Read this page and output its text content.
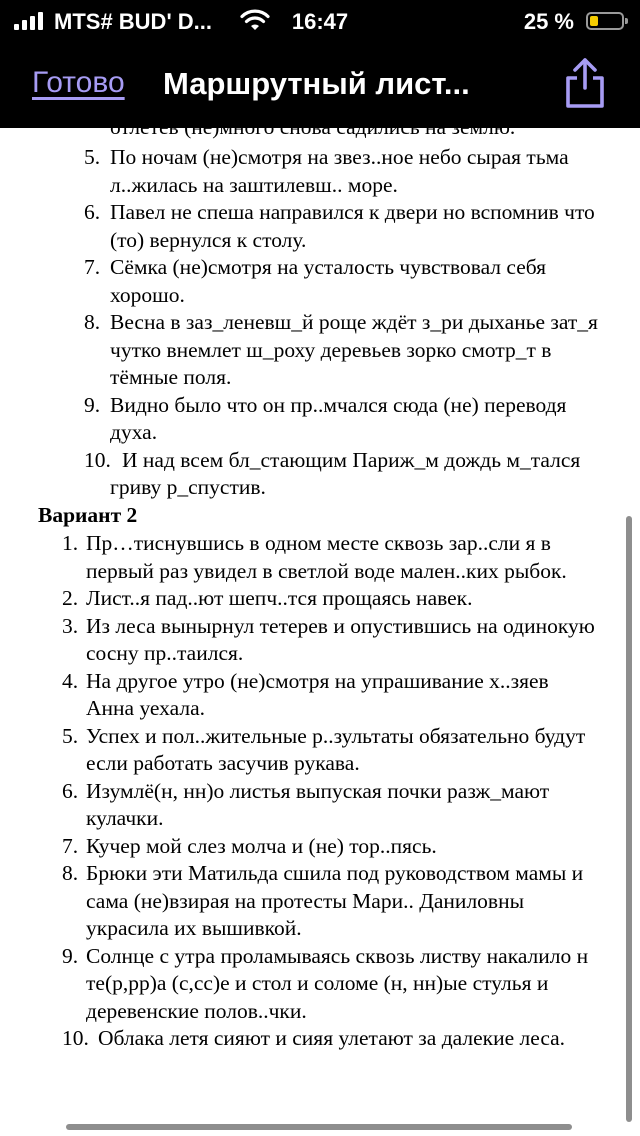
MTS# BUD' D...	16:47	25 %
Готово Маршрутный лист...
отлетев (не)много снова садились на землю.
5. По ночам (не)смотря на звез..ное небо сырая тьма
л..жилась на заштилевш.. море.
6. Павел не спеша направился к двери но вспомнив что
(то) вернулся к столу.
7. Сёмка (не)смотря на усталость чувствовал себя
хорошо.
8. Весна в заз_леневш_й роще ждёт з_ри дыханье зат_я
чутко внемлет ш_роху деревьев зорко смотр_т в
тёмные поля.
9. Видно было что он пр..мчался сюда (не) переводя
духа.
10. И над всем бл_стающим Париж_м дождь м_тался
гриву р_спустив.
Вариант 2
1. Пр…тиснувшись в одном месте сквозь зар..сли я в
первый раз увидел в светлой воде мален..ких рыбок.
2. Лист..я пад..ют шепч..тся прощаясь навек.
3. Из леса вынырнул тетерев и опустившись на одинокую
сосну пр..таился.
4. На другое утро (не)смотря на упрашивание х..зяев
Анна уехала.
5. Успех и пол..жительные р..зультаты обязательно будут
если работать засучив рукава.
6. Изумлё(н, нн)о листья выпуская почки разж_мают
кулачки.
7. Кучер мой слез молча и (не) тор..пясь.
8. Брюки эти Матильда сшила под руководством мамы и
сама (не)взирая на протесты Мари.. Даниловны
украсила их вышивкой.
9. Солнце с утра проламываясь сквозь листву накалило н
те(р,рр)а (с,сс)е и стол и соломе (н, нн)ые стулья и
деревенские полов..чки.
10. Облака летя сияют и сияя улетают за далекие леса.
